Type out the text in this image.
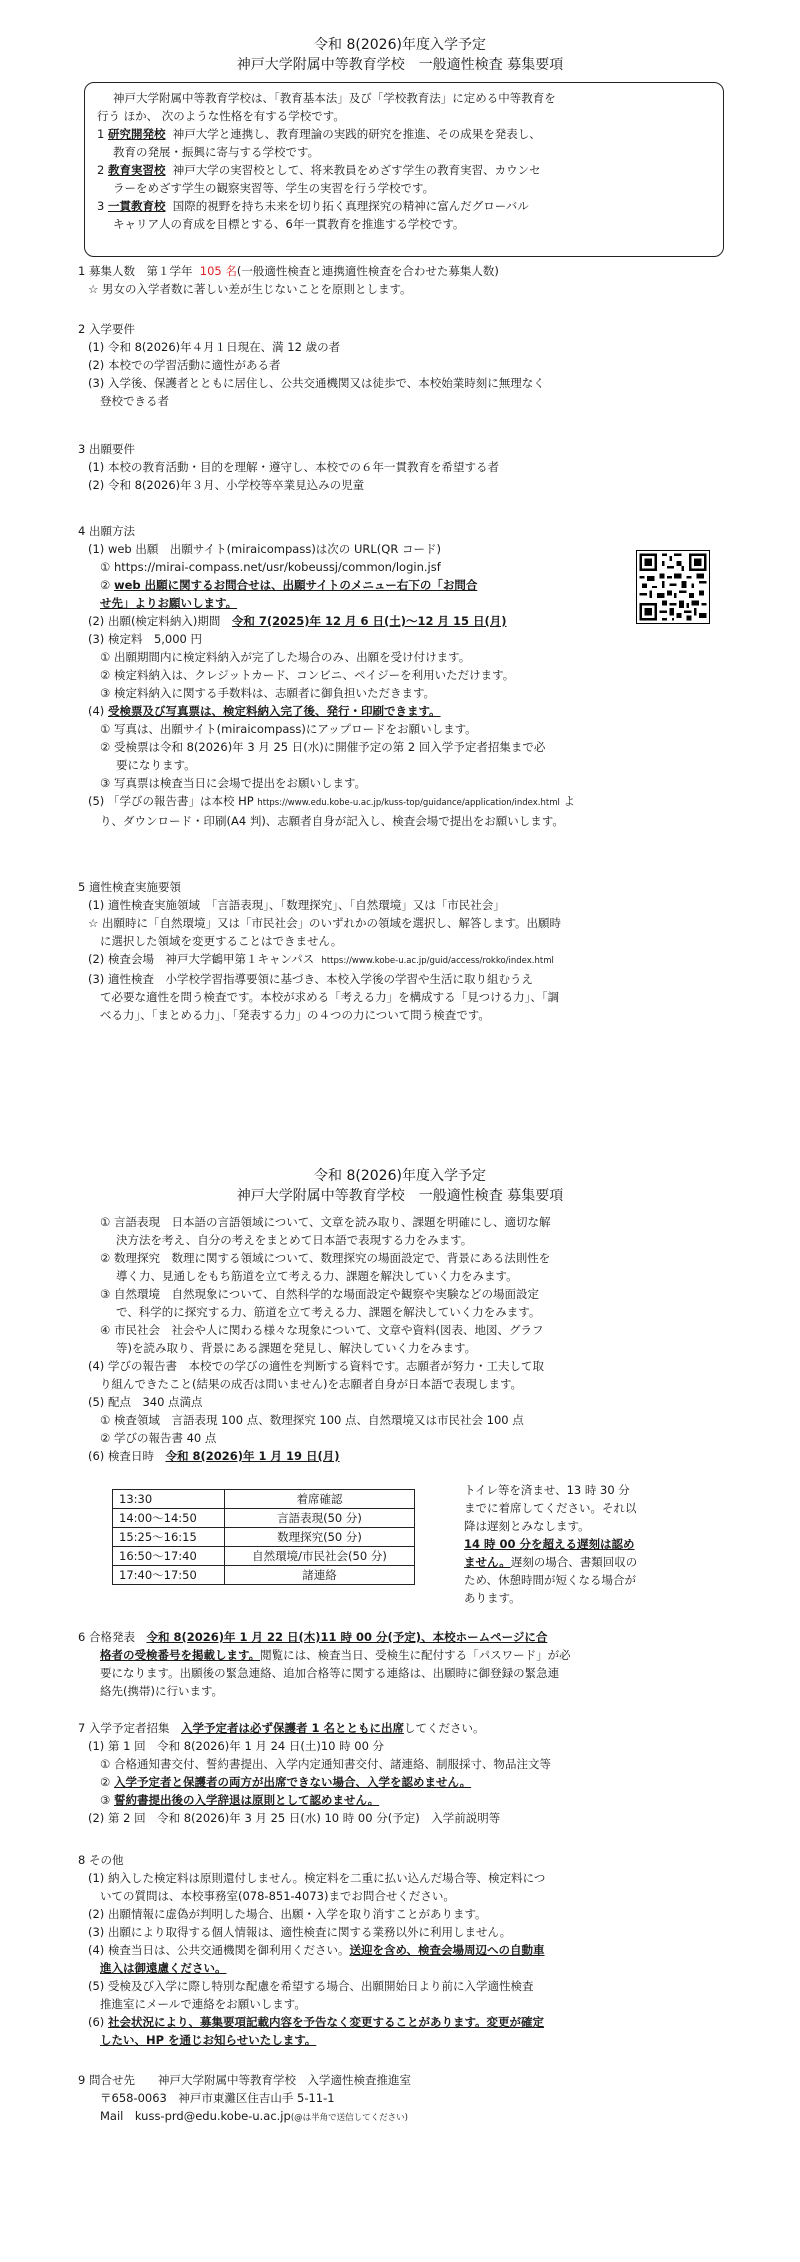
令和 8(2026)年度入学予定
神戸大学附属中等教育学校　一般適性検査 募集要項

神戸大学附属中等教育学校は、「教育基本法」及び「学校教育法」に定める中等教育を

行う ほか、 次のような性格を有する学校です。

1 研究開発校 神戸大学と連携し、教育理論の実践的研究を推進、その成果を発表し、

教育の発展・振興に寄与する学校です。

2 教育実習校 神戸大学の実習校として、将来教員をめざす学生の教育実習、カウンセ

ラーをめざす学生の観察実習等、学生の実習を行う学校です。

3 一貫教育校 国際的視野を持ち未来を切り拓く真理探究の精神に富んだグローバル

キャリア人の育成を目標とする、6年一貫教育を推進する学校です。

1 募集人数　第１学年 105 名(一般適性検査と連携適性検査を合わせた募集人数)

☆ 男女の入学者数に著しい差が生じないことを原則とします。

2 入学要件

(1) 令和 8(2026)年４月１日現在、満 12 歳の者

(2) 本校での学習活動に適性がある者

(3) 入学後、保護者とともに居住し、公共交通機関又は徒歩で、本校始業時刻に無理なく

登校できる者

3 出願要件

(1) 本校の教育活動・目的を理解・遵守し、本校での６年一貫教育を希望する者

(2) 令和 8(2026)年３月、小学校等卒業見込みの児童

4 出願方法

(1) web 出願　出願サイト(miraicompass)は次の URL(QR コード)

① https://mirai-compass.net/usr/kobeussj/common/login.jsf

② web 出願に関するお問合せは、出願サイトのメニュー右下の「お問合

せ先」よりお願いします。

(2) 出願(検定料納入)期間　令和 7(2025)年 12 月 6 日(土)～12 月 15 日(月)

(3) 検定料　5,000 円

① 出願期間内に検定料納入が完了した場合のみ、出願を受け付けます。

② 検定料納入は、クレジットカード、コンビニ、ペイジーを利用いただけます。

③ 検定料納入に関する手数料は、志願者に御負担いただきます。

(4) 受検票及び写真票は、検定料納入完了後、発行・印刷できます。

① 写真は、出願サイト(miraicompass)にアップロードをお願いします。

② 受検票は令和 8(2026)年 3 月 25 日(水)に開催予定の第 2 回入学予定者招集まで必

要になります。

③ 写真票は検査当日に会場で提出をお願いします。

(5) 「学びの報告書」は本校 HP https://www.edu.kobe-u.ac.jp/kuss-top/guidance/application/index.html よ

り、ダウンロード・印刷(A4 判)、志願者自身が記入し、検査会場で提出をお願いします。

5 適性検査実施要領

(1) 適性検査実施領域　「言語表現」、「数理探究」、「自然環境」又は「市民社会」

☆ 出願時に「自然環境」又は「市民社会」のいずれかの領域を選択し、解答します。出願時

に選択した領域を変更することはできません。

(2) 検査会場　神戸大学鶴甲第１キャンパス https://www.kobe-u.ac.jp/guid/access/rokko/index.html

(3) 適性検査　小学校学習指導要領に基づき、本校入学後の学習や生活に取り組むうえ

て必要な適性を問う検査です。本校が求める「考える力」を構成する「見つける力」、「調

べる力」、「まとめる力」、「発表する力」の４つの力について問う検査です。

令和 8(2026)年度入学予定
神戸大学附属中等教育学校　一般適性検査 募集要項

① 言語表現　日本語の言語領域について、文章を読み取り、課題を明確にし、適切な解

決方法を考え、自分の考えをまとめて日本語で表現する力をみます。

② 数理探究　数理に関する領域について、数理探究の場面設定で、背景にある法則性を

導く力、見通しをもち筋道を立て考える力、課題を解決していく力をみます。

③ 自然環境　自然現象について、自然科学的な場面設定や観察や実験などの場面設定

で、科学的に探究する力、筋道を立て考える力、課題を解決していく力をみます。

④ 市民社会　社会や人に関わる様々な現象について、文章や資料(図表、地図、グラフ

等)を読み取り、背景にある課題を発見し、解決していく力をみます。

(4) 学びの報告書　本校での学びの適性を判断する資料です。志願者が努力・工夫して取

り組んできたこと(結果の成否は問いません)を志願者自身が日本語で表現します。

(5) 配点　340 点満点

① 検査領域　言語表現 100 点、数理探究 100 点、自然環境又は市民社会 100 点

② 学びの報告書 40 点

(6) 検査日時　令和 8(2026)年 1 月 19 日(月)

13:30	着席確認
14:00～14:50	言語表現(50 分)
15:25～16:15	数理探究(50 分)
16:50～17:40	自然環境/市民社会(50 分)
17:40～17:50	諸連絡

トイレ等を済ませ、13 時 30 分

までに着席してください。それ以

降は遅刻とみなします。

14 時 00 分を超える遅刻は認め

ません。遅刻の場合、書類回収の

ため、休憩時間が短くなる場合が

あります。

6 合格発表　令和 8(2026)年 1 月 22 日(木)11 時 00 分(予定)、本校ホームページに合

格者の受検番号を掲載します。閲覧には、検査当日、受検生に配付する「パスワード」が必

要になります。出願後の緊急連絡、追加合格等に関する連絡は、出願時に御登録の緊急連

絡先(携帯)に行います。

7 入学予定者招集　入学予定者は必ず保護者 1 名とともに出席してください。

(1) 第 1 回　令和 8(2026)年 1 月 24 日(土)10 時 00 分

① 合格通知書交付、誓約書提出、入学内定通知書交付、諸連絡、制服採寸、物品注文等

② 入学予定者と保護者の両方が出席できない場合、入学を認めません。

③ 誓約書提出後の入学辞退は原則として認めません。

(2) 第 2 回　令和 8(2026)年 3 月 25 日(水) 10 時 00 分(予定)　入学前説明等

8 その他

(1) 納入した検定料は原則還付しません。検定料を二重に払い込んだ場合等、検定料につ

いての質問は、本校事務室(078-851-4073)までお問合せください。

(2) 出願情報に虚偽が判明した場合、出願・入学を取り消すことがあります。

(3) 出願により取得する個人情報は、適性検査に関する業務以外に利用しません。

(4) 検査当日は、公共交通機関を御利用ください。送迎を含め、検査会場周辺への自動車

進入は御遠慮ください。

(5) 受検及び入学に際し特別な配慮を希望する場合、出願開始日より前に入学適性検査

推進室にメールで連絡をお願いします。

(6) 社会状況により、募集要項記載内容を予告なく変更することがあります。変更が確定

したい、HP を通じお知らせいたします。

9 問合せ先　　神戸大学附属中等教育学校　入学適性検査推進室

〒658-0063　神戸市東灘区住吉山手 5-11-1

Mail　kuss-prd@edu.kobe-u.ac.jp(@は半角で送信してください)
